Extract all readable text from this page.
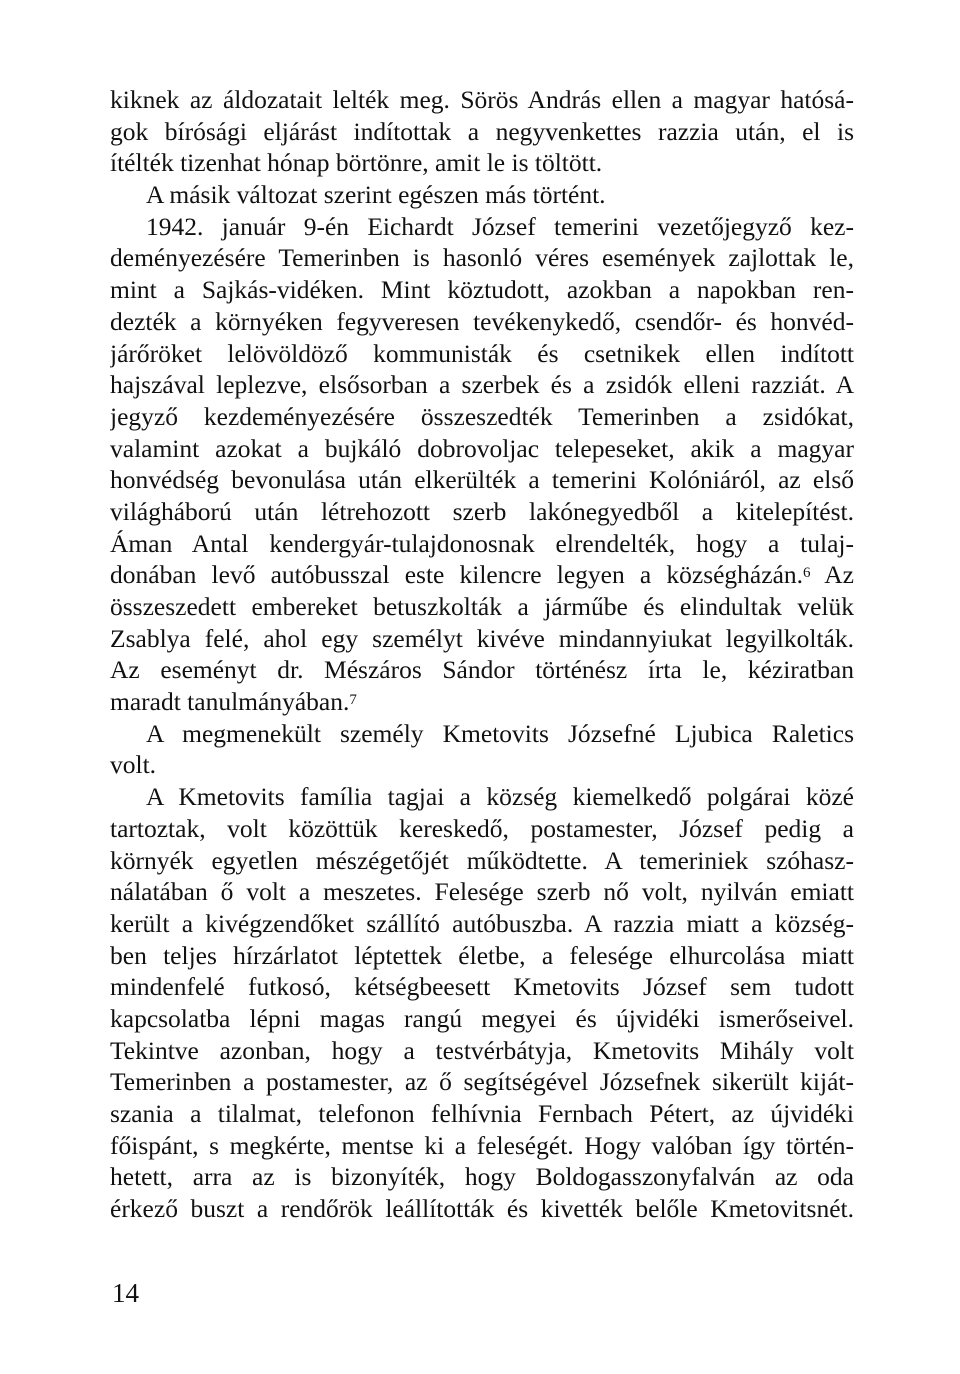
kiknek az áldozatait lelték meg. Sörös András ellen a magyar hatósá-
gok bírósági eljárást indítottak a negyvenkettes razzia után, el is
ítélték tizenhat hónap börtönre, amit le is töltött.
A másik változat szerint egészen más történt.
1942. január 9-én Eichardt József temerini vezetőjegyző kez-
deményezésére Temerinben is hasonló véres események zajlottak le,
mint a Sajkás-vidéken. Mint köztudott, azokban a napokban ren-
dezték a környéken fegyveresen tevékenykedő, csendőr- és honvéd-
járőröket lelövöldöző kommunisták és csetnikek ellen indított
hajszával leplezve, elsősorban a szerbek és a zsidók elleni razziát. A
jegyző kezdeményezésére összeszedték Temerinben a zsidókat,
valamint azokat a bujkáló dobrovoljac telepeseket, akik a magyar
honvédség bevonulása után elkerülték a temerini Kolóniáról, az első
világháború után létrehozott szerb lakónegyedből a kitelepítést.
Áman Antal kendergyár-tulajdonosnak elrendelték, hogy a tulaj-
donában levő autóbusszal este kilencre legyen a községházán.$^6$ Az
összeszedett embereket betuszkolták a járműbe és elindultak velük
Zsablya felé, ahol egy személyt kivéve mindannyiukat legyilkolták.
Az eseményt dr. Mészáros Sándor történész írta le, kéziratban
maradt tanulmányában.$^7$
A megmenekült személy Kmetovits Józsefné Ljubica Raletics
volt.
A Kmetovits família tagjai a község kiemelkedő polgárai közé
tartoztak, volt közöttük kereskedő, postamester, József pedig a
környék egyetlen mészégetőjét működtette. A temeriniek szóhasz-
nálatában ő volt a meszetes. Felesége szerb nő volt, nyilván emiatt
került a kivégzendőket szállító autóbuszba. A razzia miatt a község-
ben teljes hírzárlatot léptettek életbe, a felesége elhurcolása miatt
mindenfelé futkosó, kétségbeesett Kmetovits József sem tudott
kapcsolatba lépni magas rangú megyei és újvidéki ismerőseivel.
Tekintve azonban, hogy a testvérbátyja, Kmetovits Mihály volt
Temerinben a postamester, az ő segítségével Józsefnek sikerült kiját-
szania a tilalmat, telefonon felhívnia Fernbach Pétert, az újvidéki
főispánt, s megkérte, mentse ki a feleségét. Hogy valóban így történ-
hetett, arra az is bizonyíték, hogy Boldogasszonyfalván az oda
érkező buszt a rendőrök leállították és kivették belőle Kmetovitsnét.
14
